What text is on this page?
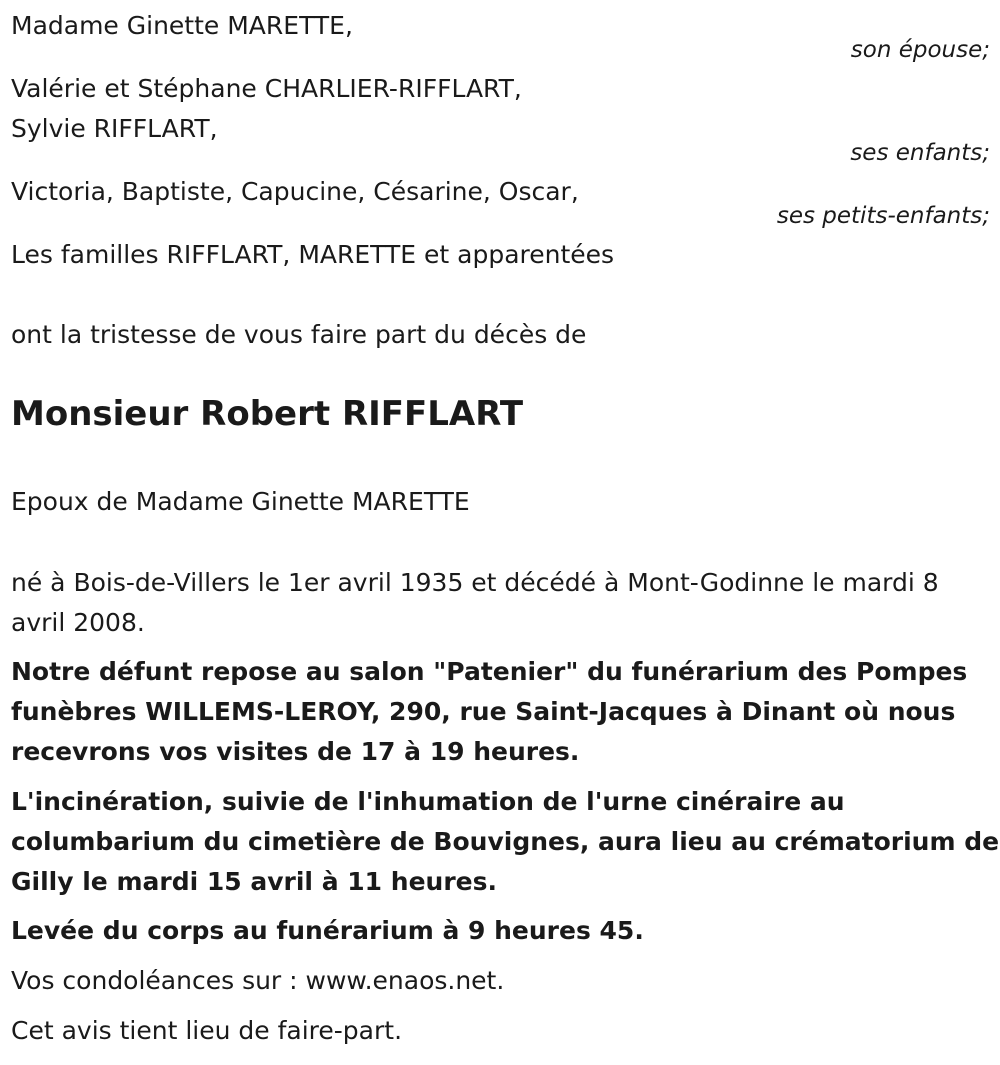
Madame Ginette MARETTE,
son épouse;
Valérie et Stéphane CHARLIER-RIFFLART,
Sylvie RIFFLART,
ses enfants;
Victoria, Baptiste, Capucine, Césarine, Oscar,
ses petits-enfants;
Les familles RIFFLART, MARETTE et apparentées
ont la tristesse de vous faire part du décès de
Monsieur Robert RIFFLART
Epoux de Madame Ginette MARETTE
né à Bois-de-Villers le 1er avril 1935 et décédé à Mont-Godinne le mardi 8
avril 2008.
Notre défunt repose au salon "Patenier" du funérarium des Pompes
funèbres WILLEMS-LEROY, 290, rue Saint-Jacques à Dinant où nous
recevrons vos visites de 17 à 19 heures.
L'incinération, suivie de l'inhumation de l'urne cinéraire au
columbarium du cimetière de Bouvignes, aura lieu au crématorium de
Gilly le mardi 15 avril à 11 heures.
Levée du corps au funérarium à 9 heures 45.
Vos condoléances sur : www.enaos.net.
Cet avis tient lieu de faire-part.
